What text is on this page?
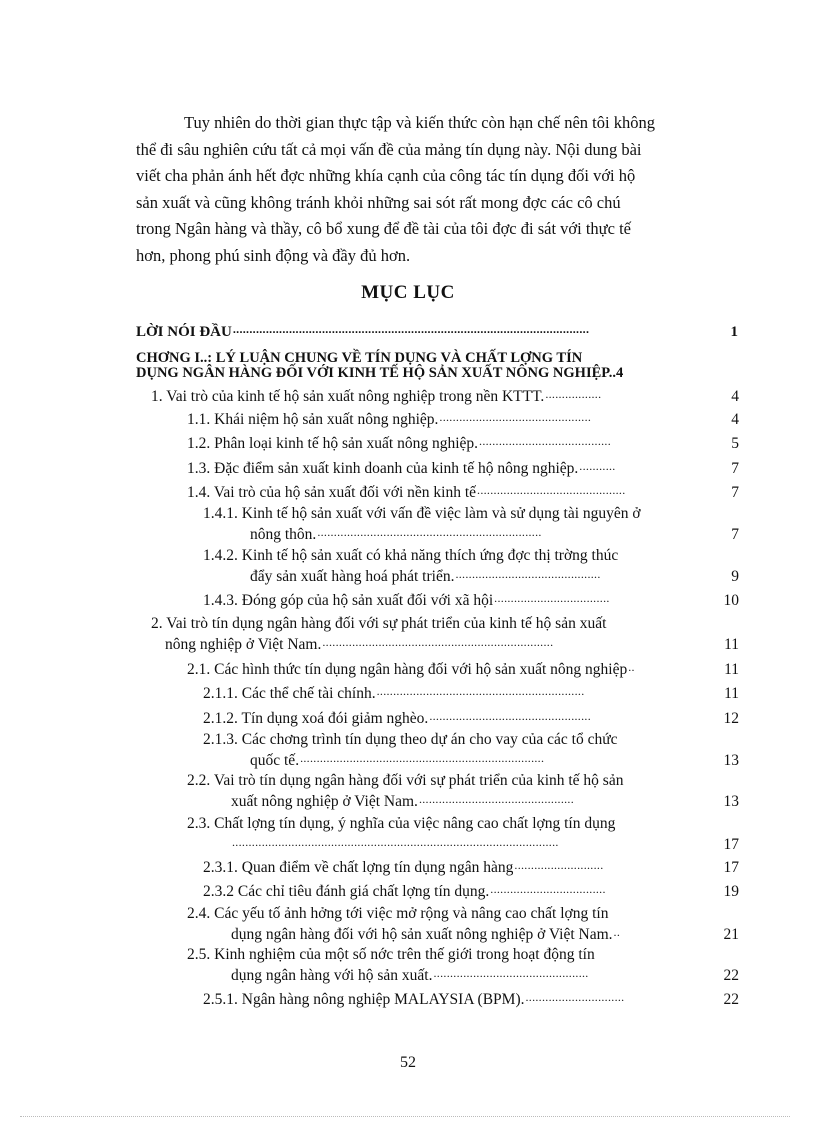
Tuy nhiên do thời gian thực tập và kiến thức còn hạn chế nên tôi không
thể đi sâu nghiên cứu tất cả mọi vấn đề của mảng tín dụng này. Nội dung bài
viết cha phản ánh hết đợc những khía cạnh của công tác tín dụng đối với hộ
sản xuất và cũng không tránh khỏi những sai sót rất mong đợc các cô chú
trong Ngân hàng và thầy, cô bổ xung để đề tài của tôi đợc đi sát với thực tế
hơn, phong phú sinh động và đầy đủ hơn.
MỤC LỤC
LỜI NÓI ĐẦU ............................................................................................................	1
CHƠNG I..: LÝ LUẬN CHUNG VỀ TÍN DỤNG VÀ CHẤT LỢNG TÍN
DỤNG NGÂN HÀNG ĐỐI VỚI KINH TẾ HỘ SẢN XUẤT NÔNG NGHIỆP..4
1. Vai trò của kinh tế hộ sản xuất nông nghiệp trong nền KTTT. .................	4
1.1. Khái niệm hộ sản xuất nông nghiệp. ..............................................	4
1.2. Phân loại kinh tế hộ sản xuất nông nghiệp. ........................................	5
1.3. Đặc điểm sản xuất kinh doanh của kinh tế hộ nông nghiệp. ...........	7
1.4. Vai trò của hộ sản xuất đối với nền kinh tế .............................................	7
1.4.1. Kinh tế hộ sản xuất với vấn đề việc làm và sử dụng tài nguyên ở
nông thôn. ....................................................................	7
1.4.2. Kinh tế hộ sản xuất có khả năng thích ứng đợc thị trờng thúc
đẩy sản xuất hàng hoá phát triển. ............................................	9
1.4.3. Đóng góp của hộ sản xuất đối với xã hội ...................................	10
2. Vai trò tín dụng ngân hàng đối với sự phát triển của kinh tế hộ sản xuất
nông nghiệp ở Việt Nam. ......................................................................	11
2.1. Các hình thức tín dụng ngân hàng đối với hộ sản xuất nông nghiệp ..	11
2.1.1. Các thể chế tài chính. ...............................................................	11
2.1.2. Tín dụng xoá đói giảm nghèo. .................................................	12
2.1.3. Các chơng trình tín dụng theo dự án cho vay của các tổ chức
quốc tế. ..........................................................................	13
2.2. Vai trò tín dụng ngân hàng đối với sự phát triển của kinh tế hộ sản
xuất nông nghiệp ở Việt Nam. ...............................................	13
2.3. Chất lợng tín dụng, ý nghĩa của việc nâng cao chất lợng tín dụng
...................................................................................................	17
2.3.1. Quan điểm về chất lợng tín dụng ngân hàng ...........................	17
2.3.2 Các chỉ tiêu đánh giá chất lợng tín dụng. ...................................	19
2.4. Các yếu tố ảnh hởng tới việc mở rộng và nâng cao chất lợng tín
dụng ngân hàng đối với hộ sản xuất nông nghiệp ở Việt Nam. ..	21
2.5. Kinh nghiệm của một số nớc trên thế giới trong hoạt động tín
dụng ngân hàng với hộ sản xuất. ...............................................	22
2.5.1. Ngân hàng nông nghiệp MALAYSIA (BPM). ..............................	22
52
